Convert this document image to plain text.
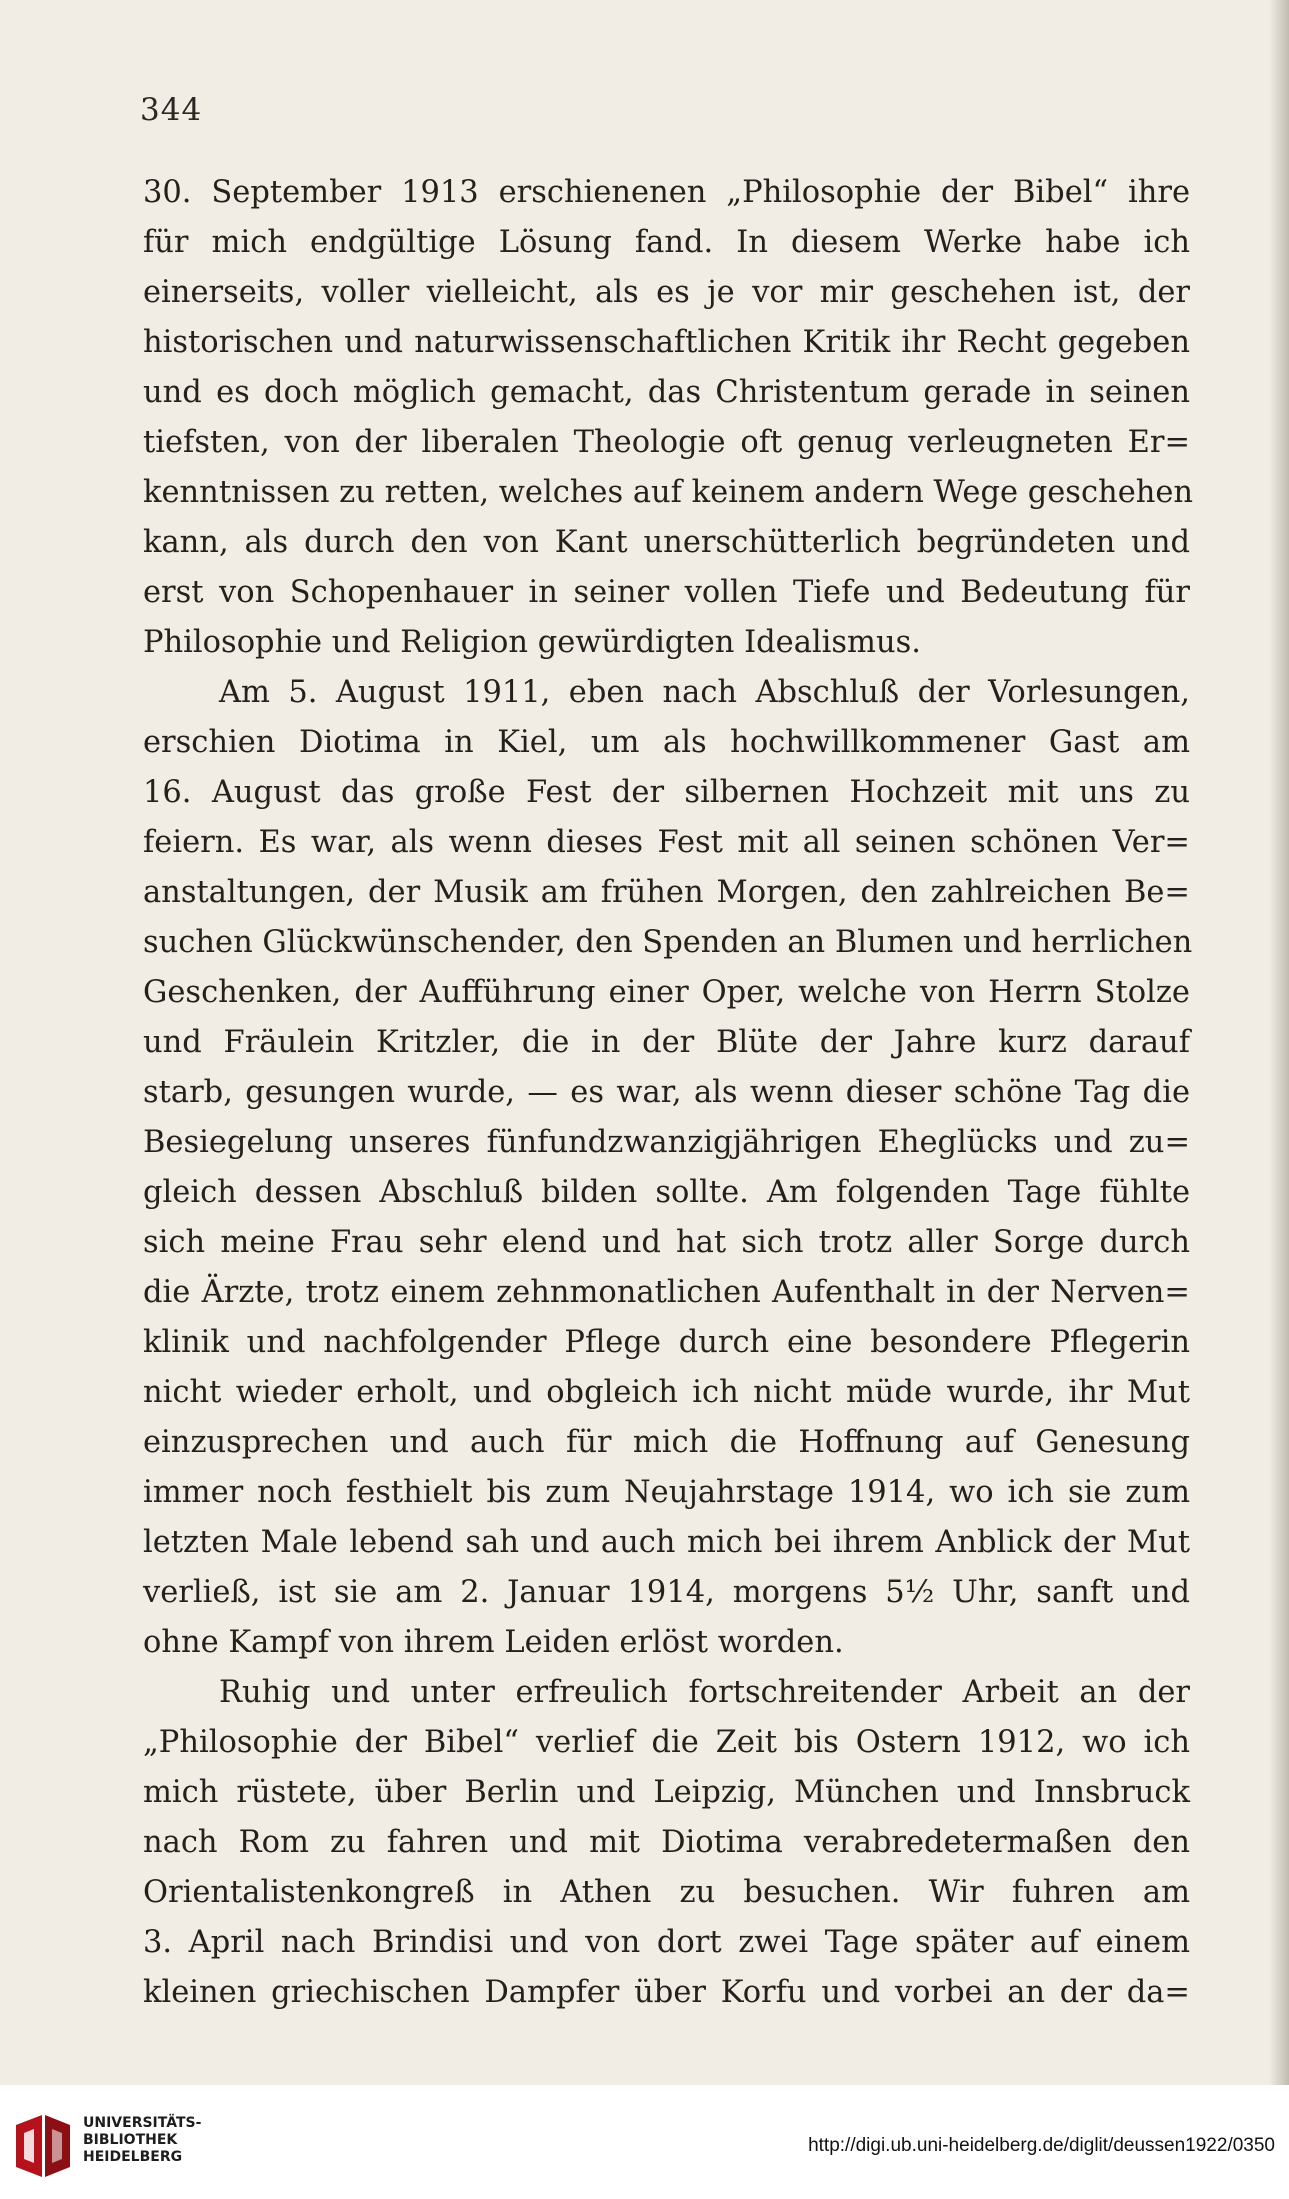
344
30. September 1913 erschienenen „Philosophie der Bibel“ ihre
für mich endgültige Lösung fand. In diesem Werke habe ich
einerseits, voller vielleicht, als es je vor mir geschehen ist, der
historischen und naturwissenschaftlichen Kritik ihr Recht gegeben
und es doch möglich gemacht, das Christentum gerade in seinen
tiefsten, von der liberalen Theologie oft genug verleugneten Er=
kenntnissen zu retten, welches auf keinem andern Wege geschehen
kann, als durch den von Kant unerschütterlich begründeten und
erst von Schopenhauer in seiner vollen Tiefe und Bedeutung für
Philosophie und Religion gewürdigten Idealismus.
Am 5. August 1911, eben nach Abschluß der Vorlesungen,
erschien Diotima in Kiel, um als hochwillkommener Gast am
16. August das große Fest der silbernen Hochzeit mit uns zu
feiern. Es war, als wenn dieses Fest mit all seinen schönen Ver=
anstaltungen, der Musik am frühen Morgen, den zahlreichen Be=
suchen Glückwünschender, den Spenden an Blumen und herrlichen
Geschenken, der Aufführung einer Oper, welche von Herrn Stolze
und Fräulein Kritzler, die in der Blüte der Jahre kurz darauf
starb, gesungen wurde, — es war, als wenn dieser schöne Tag die
Besiegelung unseres fünfundzwanzigjährigen Eheglücks und zu=
gleich dessen Abschluß bilden sollte. Am folgenden Tage fühlte
sich meine Frau sehr elend und hat sich trotz aller Sorge durch
die Ärzte, trotz einem zehnmonatlichen Aufenthalt in der Nerven=
klinik und nachfolgender Pflege durch eine besondere Pflegerin
nicht wieder erholt, und obgleich ich nicht müde wurde, ihr Mut
einzusprechen und auch für mich die Hoffnung auf Genesung
immer noch festhielt bis zum Neujahrstage 1914, wo ich sie zum
letzten Male lebend sah und auch mich bei ihrem Anblick der Mut
verließ, ist sie am 2. Januar 1914, morgens 5½ Uhr, sanft und
ohne Kampf von ihrem Leiden erlöst worden.
Ruhig und unter erfreulich fortschreitender Arbeit an der
„Philosophie der Bibel“ verlief die Zeit bis Ostern 1912, wo ich
mich rüstete, über Berlin und Leipzig, München und Innsbruck
nach Rom zu fahren und mit Diotima verabredetermaßen den
Orientalistenkongreß in Athen zu besuchen. Wir fuhren am
3. April nach Brindisi und von dort zwei Tage später auf einem
kleinen griechischen Dampfer über Korfu und vorbei an der da=
UNIVERSITÄTS-
BIBLIOTHEK
HEIDELBERG
http://digi.ub.uni-heidelberg.de/diglit/deussen1922/0350
